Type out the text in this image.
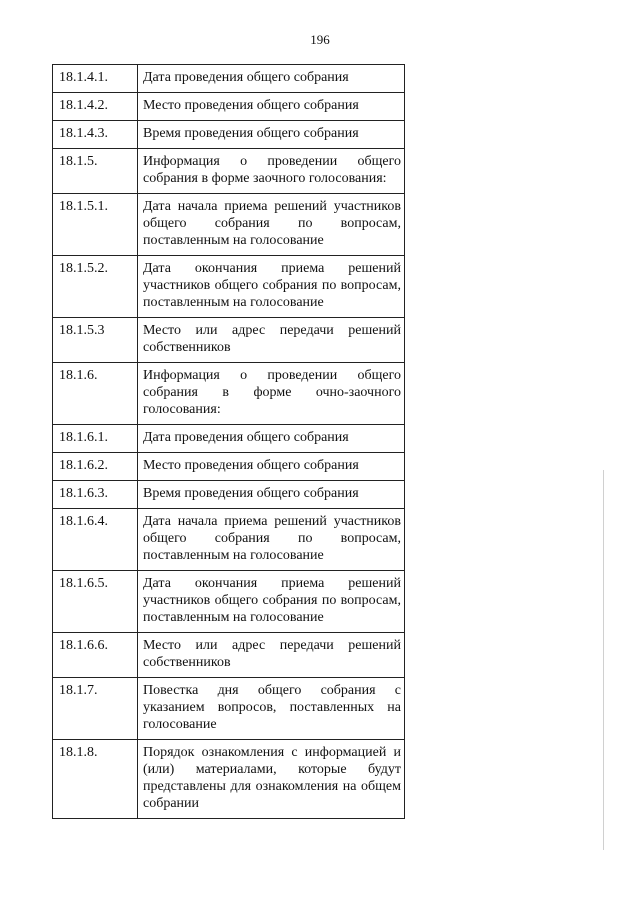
196
18.1.4.1.	Дата проведения общего собрания
18.1.4.2.	Место проведения общего собрания
18.1.4.3.	Время проведения общего собрания
18.1.5.	Информация о проведении общего собрания в форме заочного голосования:
18.1.5.1.	Дата начала приема решений участников общего собрания по вопросам, поставленным на голосование
18.1.5.2.	Дата окончания приема решений участников общего собрания по вопросам, поставленным на голосование
18.1.5.3	Место или адрес передачи решений собственников
18.1.6.	Информация о проведении общего собрания в форме очно-заочного голосования:
18.1.6.1.	Дата проведения общего собрания
18.1.6.2.	Место проведения общего собрания
18.1.6.3.	Время проведения общего собрания
18.1.6.4.	Дата начала приема решений участников общего собрания по вопросам, поставленным на голосование
18.1.6.5.	Дата окончания приема решений участников общего собрания по вопросам, поставленным на голосование
18.1.6.6.	Место или адрес передачи решений собственников
18.1.7.	Повестка дня общего собрания с указанием вопросов, поставленных на голосование
18.1.8.	Порядок ознакомления с информацией и (или) материалами, которые будут представлены для ознакомления на общем собрании
